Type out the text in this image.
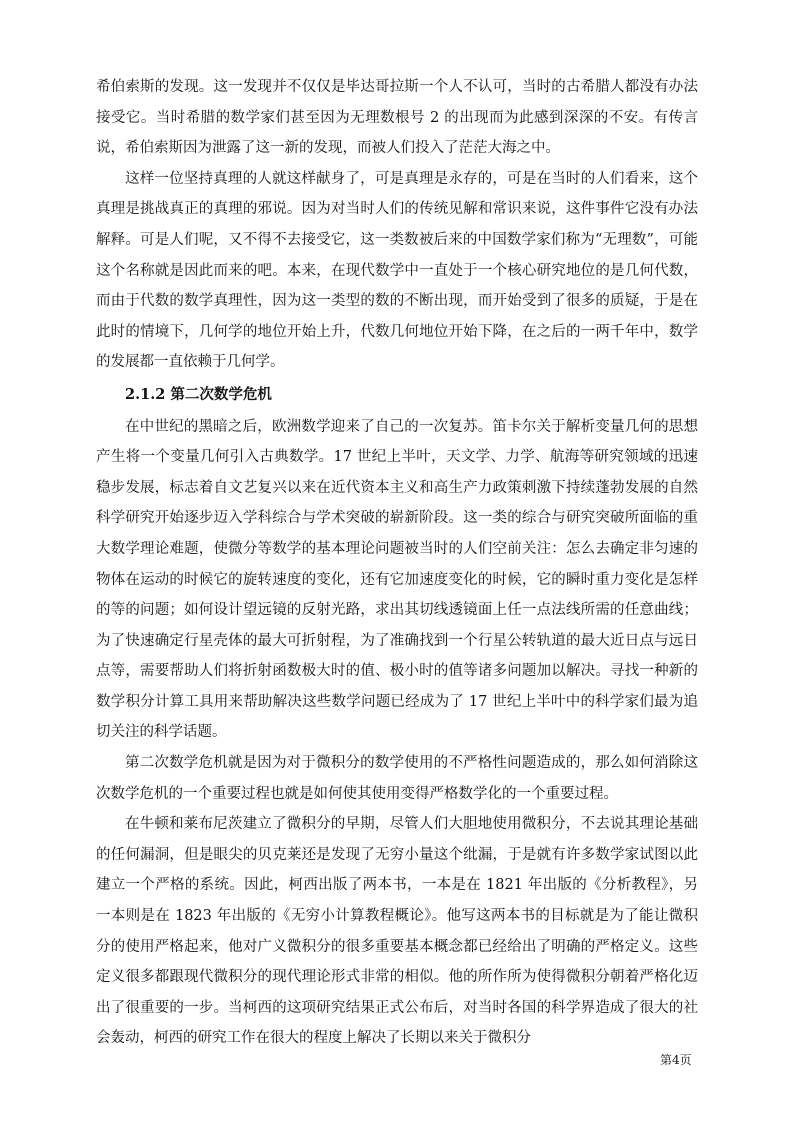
希伯索斯的发现。这一发现并不仅仅是毕达哥拉斯一个人不认可，当时的古希腊人都没有办法接受它。当时希腊的数学家们甚至因为无理数根号 2 的出现而为此感到深深的不安。有传言说，希伯索斯因为泄露了这一新的发现，而被人们投入了茫茫大海之中。

这样一位坚持真理的人就这样献身了，可是真理是永存的，可是在当时的人们看来，这个真理是挑战真正的真理的邪说。因为对当时人们的传统见解和常识来说，这件事件它没有办法解释。可是人们呢，又不得不去接受它，这一类数被后来的中国数学家们称为“无理数”，可能这个名称就是因此而来的吧。本来，在现代数学中一直处于一个核心研究地位的是几何代数，而由于代数的数学真理性，因为这一类型的数的不断出现，而开始受到了很多的质疑，于是在此时的情境下，几何学的地位开始上升，代数几何地位开始下降，在之后的一两千年中，数学的发展都一直依赖于几何学。

2.1.2 第二次数学危机

在中世纪的黑暗之后，欧洲数学迎来了自己的一次复苏。笛卡尔关于解析变量几何的思想产生将一个变量几何引入古典数学。17 世纪上半叶，天文学、力学、航海等研究领域的迅速稳步发展，标志着自文艺复兴以来在近代资本主义和高生产力政策刺激下持续蓬勃发展的自然科学研究开始逐步迈入学科综合与学术突破的崭新阶段。这一类的综合与研究突破所面临的重大数学理论难题，使微分等数学的基本理论问题被当时的人们空前关注：怎么去确定非匀速的物体在运动的时候它的旋转速度的变化，还有它加速度变化的时候，它的瞬时重力变化是怎样的等的问题；如何设计望远镜的反射光路，求出其切线透镜面上任一点法线所需的任意曲线；为了快速确定行星壳体的最大可折射程，为了准确找到一个行星公转轨道的最大近日点与远日点等，需要帮助人们将折射函数极大时的值、极小时的值等诸多问题加以解决。寻找一种新的数学积分计算工具用来帮助解决这些数学问题已经成为了 17 世纪上半叶中的科学家们最为追切关注的科学话题。

第二次数学危机就是因为对于微积分的数学使用的不严格性问题造成的，那么如何消除这次数学危机的一个重要过程也就是如何使其使用变得严格数学化的一个重要过程。

在牛顿和莱布尼茨建立了微积分的早期，尽管人们大胆地使用微积分，不去说其理论基础的任何漏洞，但是眼尖的贝克莱还是发现了无穷小量这个纰漏，于是就有许多数学家试图以此建立一个严格的系统。因此，柯西出版了两本书，一本是在 1821 年出版的《分析教程》，另一本则是在 1823 年出版的《无穷小计算教程概论》。他写这两本书的目标就是为了能让微积分的使用严格起来，他对广义微积分的很多重要基本概念都已经给出了明确的严格定义。这些定义很多都跟现代微积分的现代理论形式非常的相似。他的所作所为使得微积分朝着严格化迈出了很重要的一步。当柯西的这项研究结果正式公布后，对当时各国的科学界造成了很大的社会轰动，柯西的研究工作在很大的程度上解决了长期以来关于微积分

第4页
